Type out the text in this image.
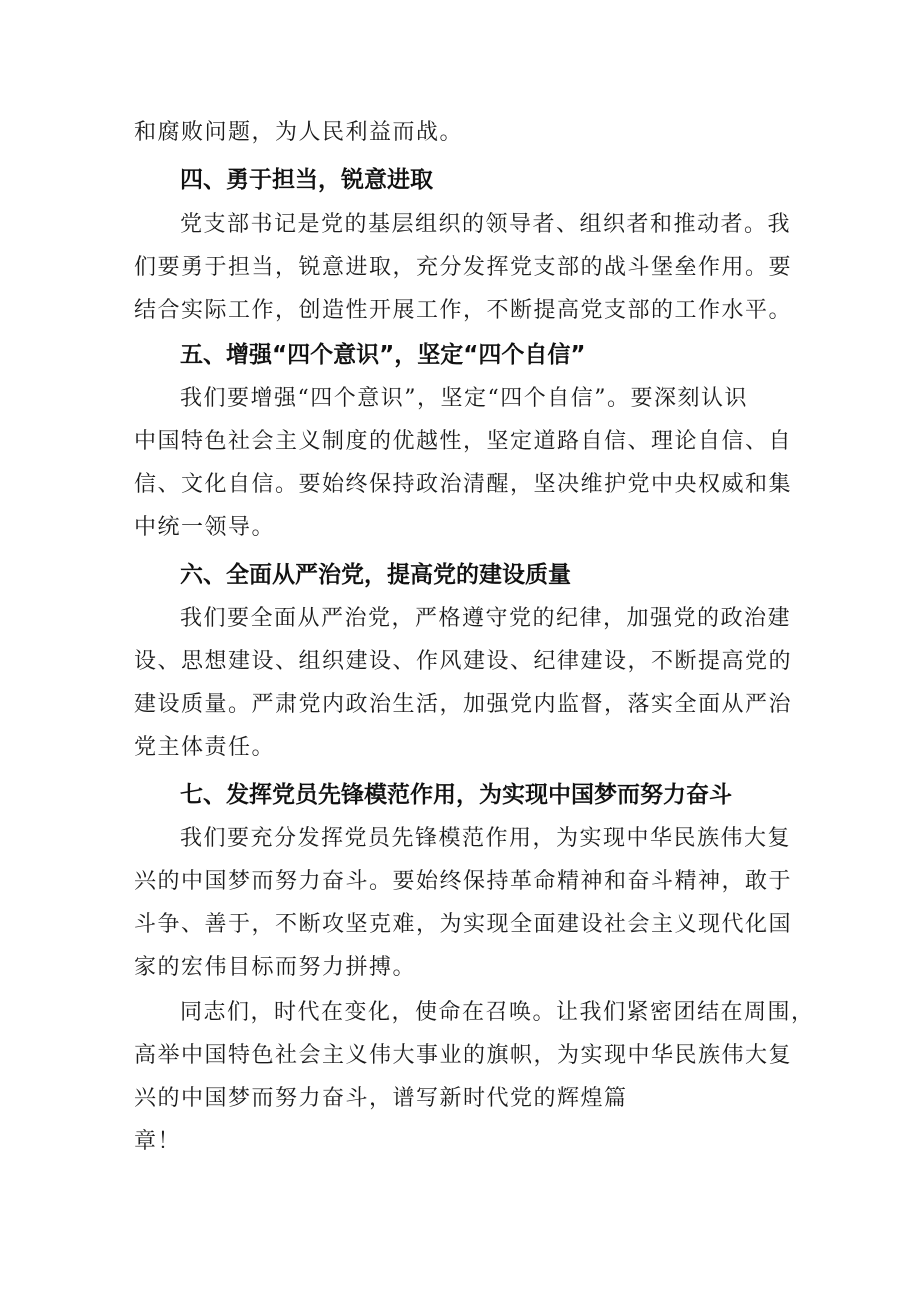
和腐败问题，为人民利益而战。
四、勇于担当，锐意进取
党支部书记是党的基层组织的领导者、组织者和推动者。我
们要勇于担当，锐意进取，充分发挥党支部的战斗堡垒作用。要
结合实际工作，创造性开展工作，不断提高党支部的工作水平。
五、增强“四个意识”，坚定“四个自信”
我们要增强“四个意识”，坚定“四个自信”。要深刻认识
中国特色社会主义制度的优越性，坚定道路自信、理论自信、自
信、文化自信。要始终保持政治清醒，坚决维护党中央权威和集
中统一领导。
六、全面从严治党，提高党的建设质量
我们要全面从严治党，严格遵守党的纪律，加强党的政治建
设、思想建设、组织建设、作风建设、纪律建设，不断提高党的
建设质量。严肃党内政治生活，加强党内监督，落实全面从严治
党主体责任。
七、发挥党员先锋模范作用，为实现中国梦而努力奋斗
我们要充分发挥党员先锋模范作用，为实现中华民族伟大复
兴的中国梦而努力奋斗。要始终保持革命精神和奋斗精神，敢于
斗争、善于，不断攻坚克难，为实现全面建设社会主义现代化国
家的宏伟目标而努力拼搏。
同志们，时代在变化，使命在召唤。让我们紧密团结在周围，
高举中国特色社会主义伟大事业的旗帜，为实现中华民族伟大复
兴的中国梦而努力奋斗，谱写新时代党的辉煌篇
章！
